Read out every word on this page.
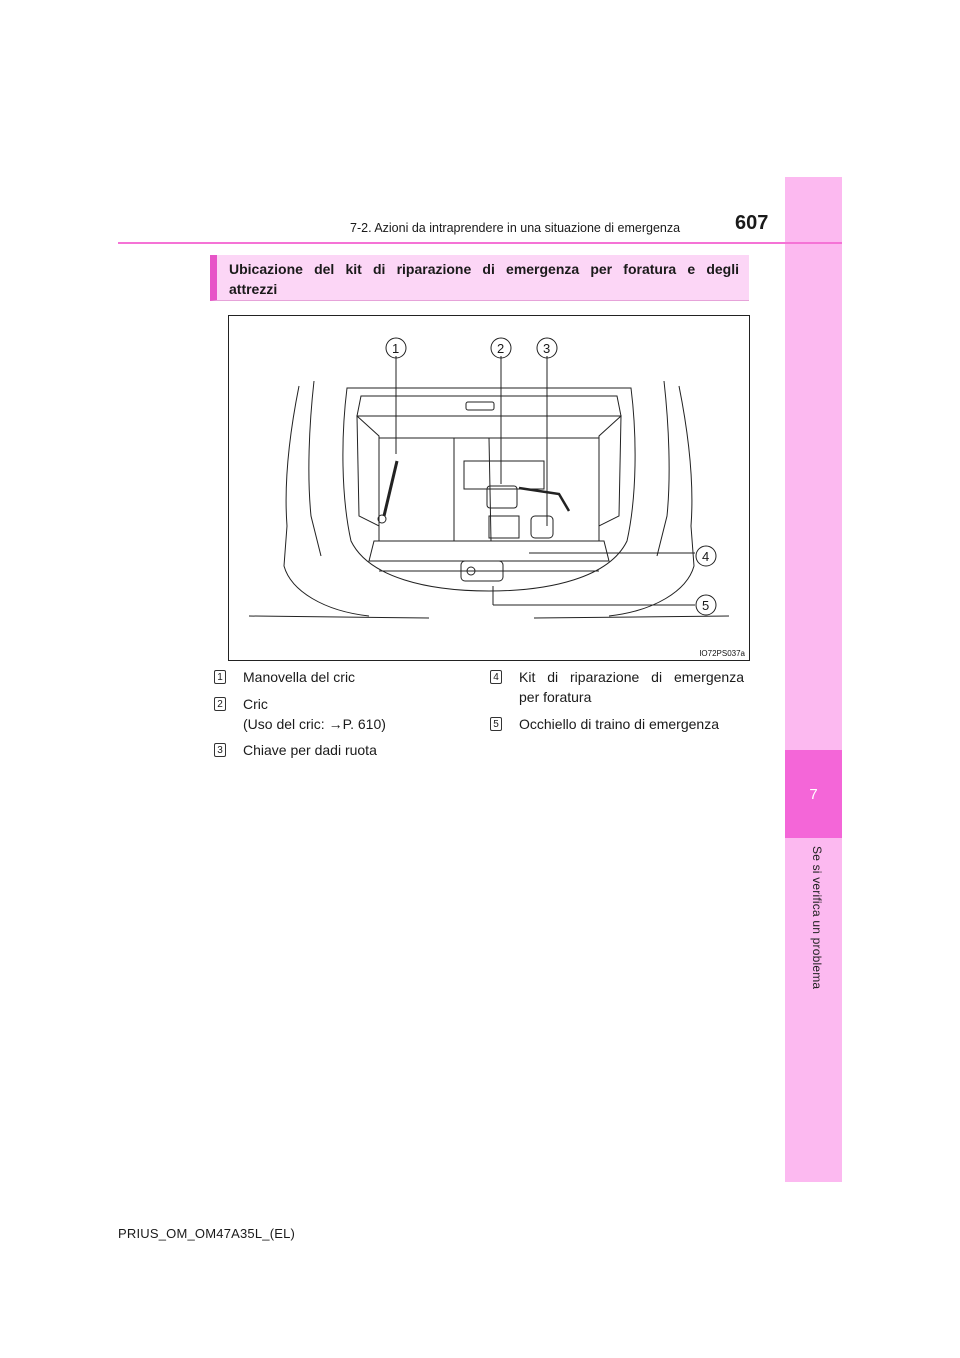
7
Se si verifica un problema
7-2. Azioni da intraprendere in una situazione di emergenza	607
Ubicazione del kit di riparazione di emergenza per foratura e degli attrezzi
1	2	3
4
5
IO72PS037a
1 Manovella del cric
2 Cric
(Uso del cric: →P. 610)
3 Chiave per dadi ruota
4 Kit di riparazione di emergenza
per foratura
5 Occhiello di traino di emergenza
PRIUS_OM_OM47A35L_(EL)
